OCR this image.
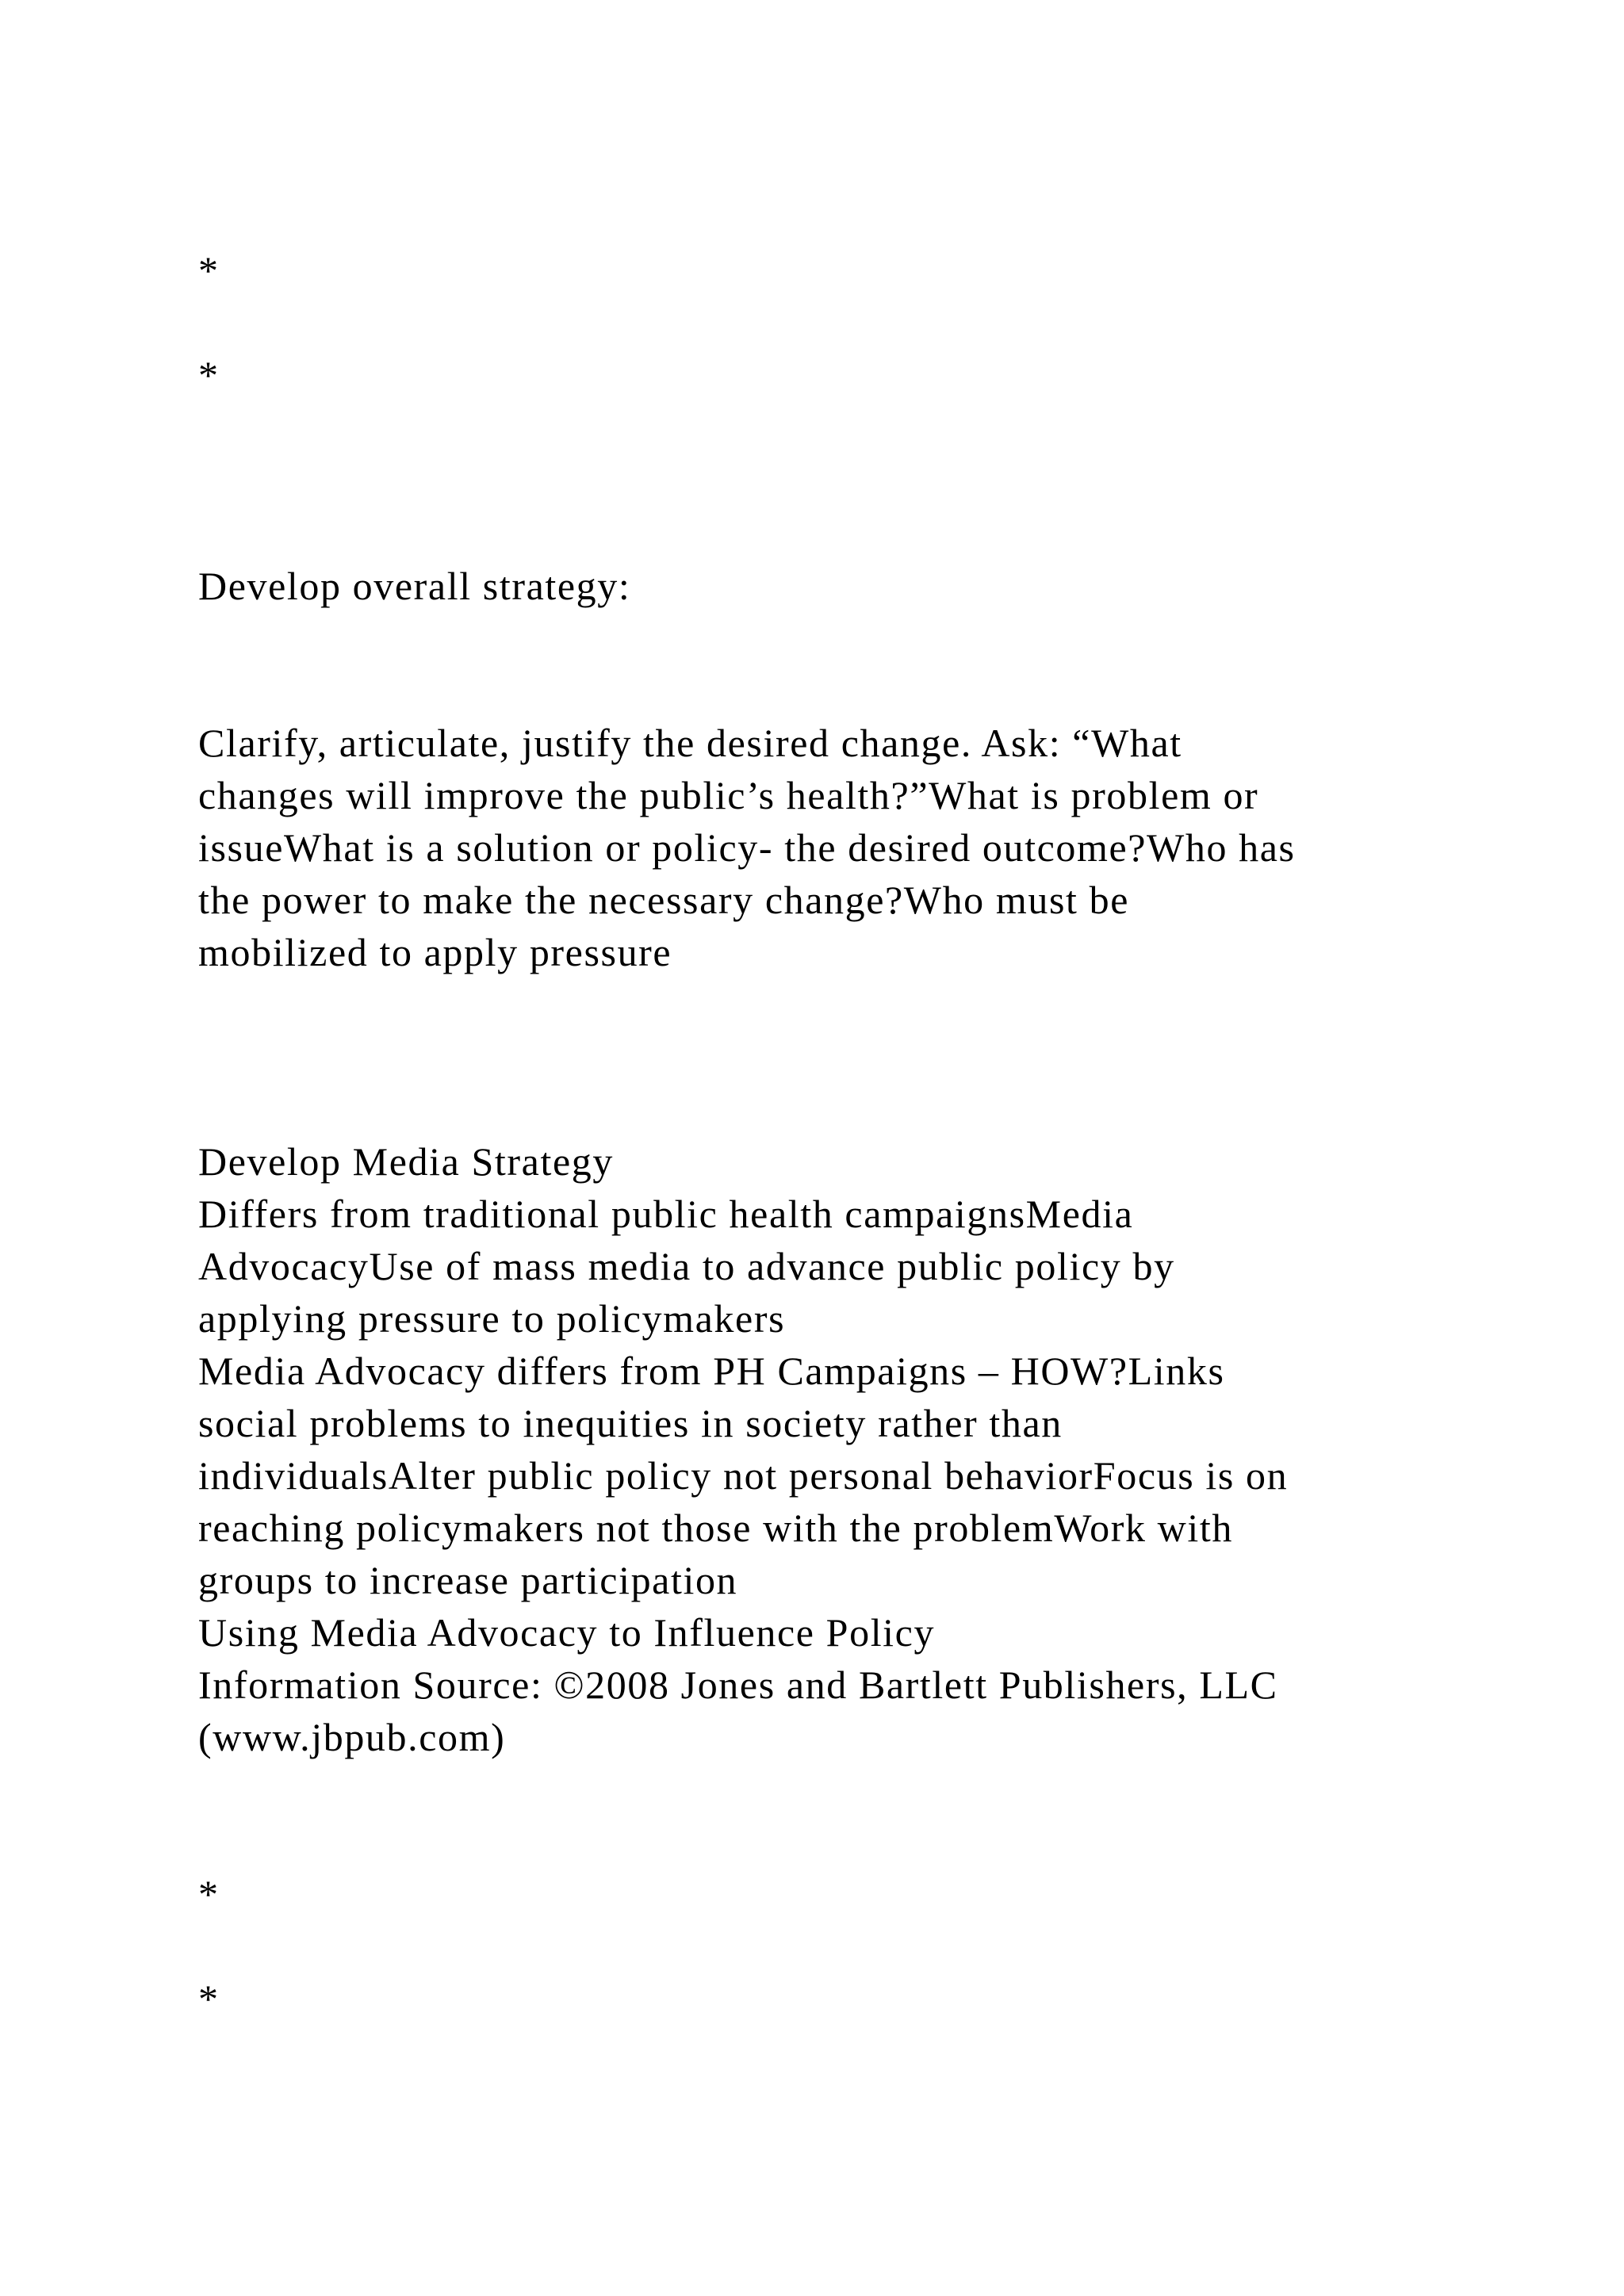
*

*

Develop overall strategy:

Clarify, articulate, justify the desired change. Ask: “What

changes will improve the public’s health?”What is problem or

issueWhat is a solution or policy- the desired outcome?Who has

the power to make the necessary change?Who must be

mobilized to apply pressure

Develop Media Strategy

Differs from traditional public health campaignsMedia

AdvocacyUse of mass media to advance public policy by

applying pressure to policymakers

Media Advocacy differs from PH Campaigns – HOW?Links

social problems to inequities in society rather than

individualsAlter public policy not personal behaviorFocus is on

reaching policymakers not those with the problemWork with

groups to increase participation

Using Media Advocacy to Influence Policy

Information Source: ©2008 Jones and Bartlett Publishers, LLC

(www.jbpub.com)

*

*
